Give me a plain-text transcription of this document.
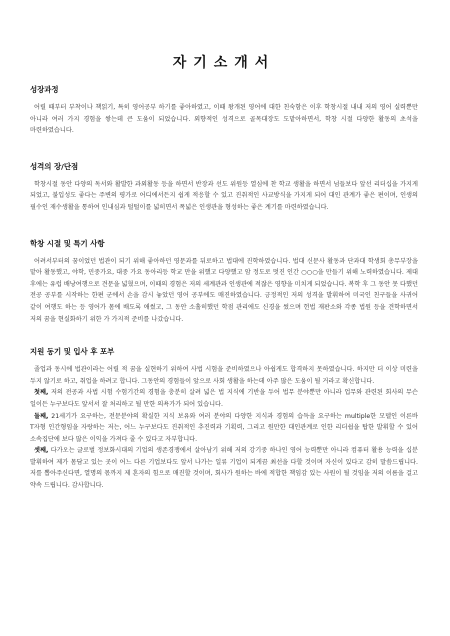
자기소개서
성장과정

어릴 때부터 부착이나 책읽기, 특히 영어공부 하기를 좋아하였고, 이때 왕개된 영어에 대한 친숙함은 이후 학창시절 내내 저의 영어 실력뿐만 아니라 여러 가지 경험을 쌓는데 큰 도움이 되었습니다. 외향적인 성격으로 골목대장도 도맡아하면서, 학창 시절 다양한 활동의 초석을 마련하였습니다.

성격의 장/단점

학창시절 동안 다양의 독서와 활발한 과외활동 등을 하면서 반장과 선도 위원등 열심에 찬 학교 생활을 하면서 넘들보다 앞선 리더십을 가지게 되었고, 불입성도 좋다는 주변의 평가로 어디에서든지 쉽게 적응할 수 있고 진취적인 사교방식을 가지게 되어 대인 관계가 좋은 편이며, 인생의 필수인 재수생활을 통하여 인내심과 털털이를 넓히면서 폭넓은 인생관을 형성하는 좋은 계기를 마련하였습니다.

학창 시절 및 특기 사항

어려서부터의 꿈이었던 법관이 되기 위해 좋아하던 영문과를 뒤로하고 법대에 진학하였습니다. 법대 신문사 활동과 단과대 학생회 총무부장을 맡아 활동했고, 야학, 민중가요, 대중 가요 동아리등 학교 만을 위했고 다양했고 암 정도로 멋진 인간 ○○○을 만들기 위해 노력하였습니다. 제대 후에는 유럽 배낭여행으로 견문을 넓혔으며, 이때의 경험은 저의 세계관과 인생관에 적잖은 영향을 미치게 되었습니다. 복학 후 그 동안 못 다했던 전공 공부를 시작하는 한편 군에서 손을 감시 놓았던 영어 공부에도 매진하였습니다. 긍정적인 저의 성격을 발휘하여 미국인 친구들을 사귀어 같이 여행도 하는 등 영어가 몸에 배도록 애썼고, 그 동안 소홀히했던 학점 관리에도 신경을 썼으며 헌법 재판소와 각종 법원 등을 견학하면서 저의 꿈을 현실화하기 위한 가 가지적 준비를 나갔습니다.

지원 동기 및 입사 후 포부

졸업과 동시에 법관이라는 어릴 적 꿈을 실현하기 위하여 사법 시험을 준비하였으나 아쉽게도 합격하지 못하였습니다. 하지만 더 이상 미련을 두지 않기로 하고, 취업을 하려고 합니다. 그동안의 경험들이 앞으로 사회 생활을 하는데 아주 많은 도움이 될 거라고 확신합니다.

첫째, 저의 전공과 사법 시험 수험기간의 경험을 충분히 살려 넓은 법 지식에 기반을 두어 법무 분야뿐만 아니라 업무와 관련된 회사의 무슨 일이든 누구보다도 앞서서 잘 처리하고 될 만한 의욕가가 되어 있습니다.

둘째, 21세기가 요구하는, 전문분야의 확실한 지식 보유와 여러 분야의 다양한 지식과 경험의 습득을 요구하는 multiple한 모델인 이른바 T자형 인간형임을 자랑하는 저는, 어느 누구보다도 진취적인 추진력과 기획력, 그리고 원만한 대인관계로 인한 리더쉽을 탑한 발휘할 수 있어 소속집단에 보다 많은 이익을 가져다 줄 수 있다고 자부합니다.

셋째, 다가오는 글로벌 정보화시대의 기업의 생존경쟁에서 살아남기 위해 저의 강기중 하나인 영어 능력뿐만 아니라 컴퓨터 활용 능력을 십분 발휘하여 제가 몸담고 있는 곳이 어느 다른 기업보다도 앞서 나가는 일류 기업이 되게끔 최선을 다할 것이며 자신이 있다고 감히 말씀드립니다. 저를 뽑아주신다면, 열명의 몫까지 제 혼자의 힘으로 매진할 것이며, 회사가 원하는 바에 적합한 책임감 있는 사원이 될 것임을 저의 이름을 걸고 약속 드립니다. 감사합니다.
